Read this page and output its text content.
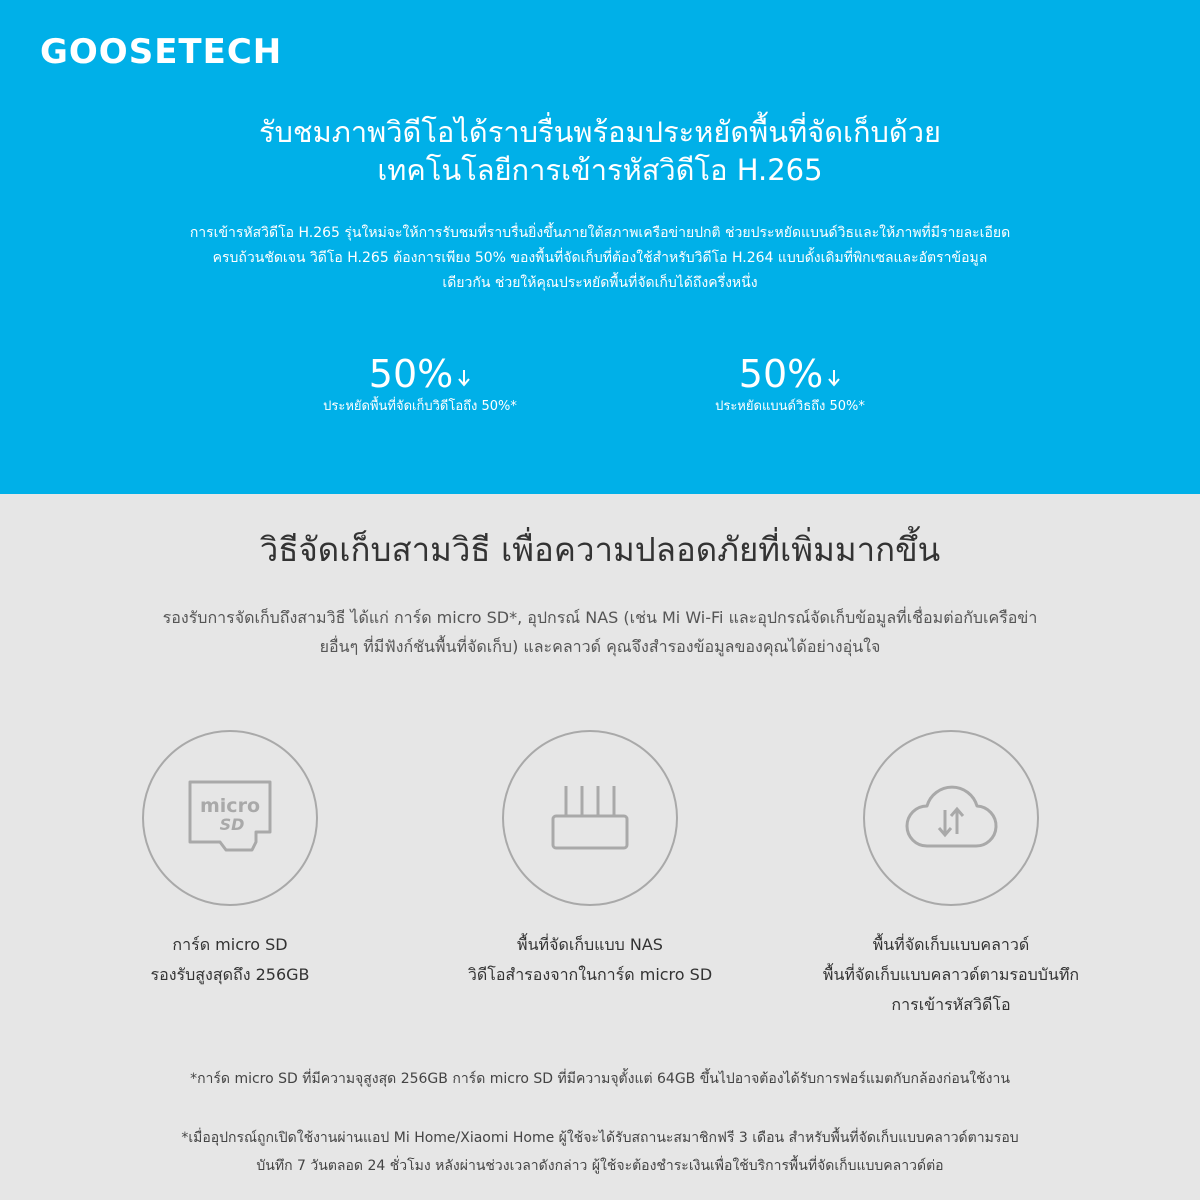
GOOSETECH
รับชมภาพวิดีโอได้ราบรื่นพร้อมประหยัดพื้นที่จัดเก็บด้วย
เทคโนโลยีการเข้ารหัสวิดีโอ H.265
การเข้ารหัสวิดีโอ H.265 รุ่นใหม่จะให้การรับชมที่ราบรื่นยิ่งขึ้นภายใต้สภาพเครือข่ายปกติ ช่วยประหยัดแบนด์วิธและให้ภาพที่มีรายละเอียด
ครบถ้วนชัดเจน วิดีโอ H.265 ต้องการเพียง 50% ของพื้นที่จัดเก็บที่ต้องใช้สำหรับวิดีโอ H.264 แบบดั้งเดิมที่พิกเซลและอัตราข้อมูล
เดียวกัน ช่วยให้คุณประหยัดพื้นที่จัดเก็บได้ถึงครึ่งหนึ่ง
50%
ประหยัดพื้นที่จัดเก็บวิดีโอถึง 50%*
50%
ประหยัดแบนด์วิธถึง 50%*
วิธีจัดเก็บสามวิธี เพื่อความปลอดภัยที่เพิ่มมากขึ้น
รองรับการจัดเก็บถึงสามวิธี ได้แก่ การ์ด micro SD*, อุปกรณ์ NAS (เช่น Mi Wi-Fi และอุปกรณ์จัดเก็บข้อมูลที่เชื่อมต่อกับเครือข่า
ยอื่นๆ ที่มีฟังก์ชันพื้นที่จัดเก็บ) และคลาวด์ คุณจึงสำรองข้อมูลของคุณได้อย่างอุ่นใจ
micro
SD
การ์ด micro SD
รองรับสูงสุดถึง 256GB
พื้นที่จัดเก็บแบบ NAS
วิดีโอสำรองจากในการ์ด micro SD
พื้นที่จัดเก็บแบบคลาวด์
พื้นที่จัดเก็บแบบคลาวด์ตามรอบบันทึก
การเข้ารหัสวิดีโอ
*การ์ด micro SD ที่มีความจุสูงสุด 256GB การ์ด micro SD ที่มีความจุตั้งแต่ 64GB ขึ้นไปอาจต้องได้รับการฟอร์แมตกับกล้องก่อนใช้งาน
*เมื่ออุปกรณ์ถูกเปิดใช้งานผ่านแอป Mi Home/Xiaomi Home ผู้ใช้จะได้รับสถานะสมาชิกฟรี 3 เดือน สำหรับพื้นที่จัดเก็บแบบคลาวด์ตามรอบ
บันทึก 7 วันตลอด 24 ชั่วโมง หลังผ่านช่วงเวลาดังกล่าว ผู้ใช้จะต้องชำระเงินเพื่อใช้บริการพื้นที่จัดเก็บแบบคลาวด์ต่อ
